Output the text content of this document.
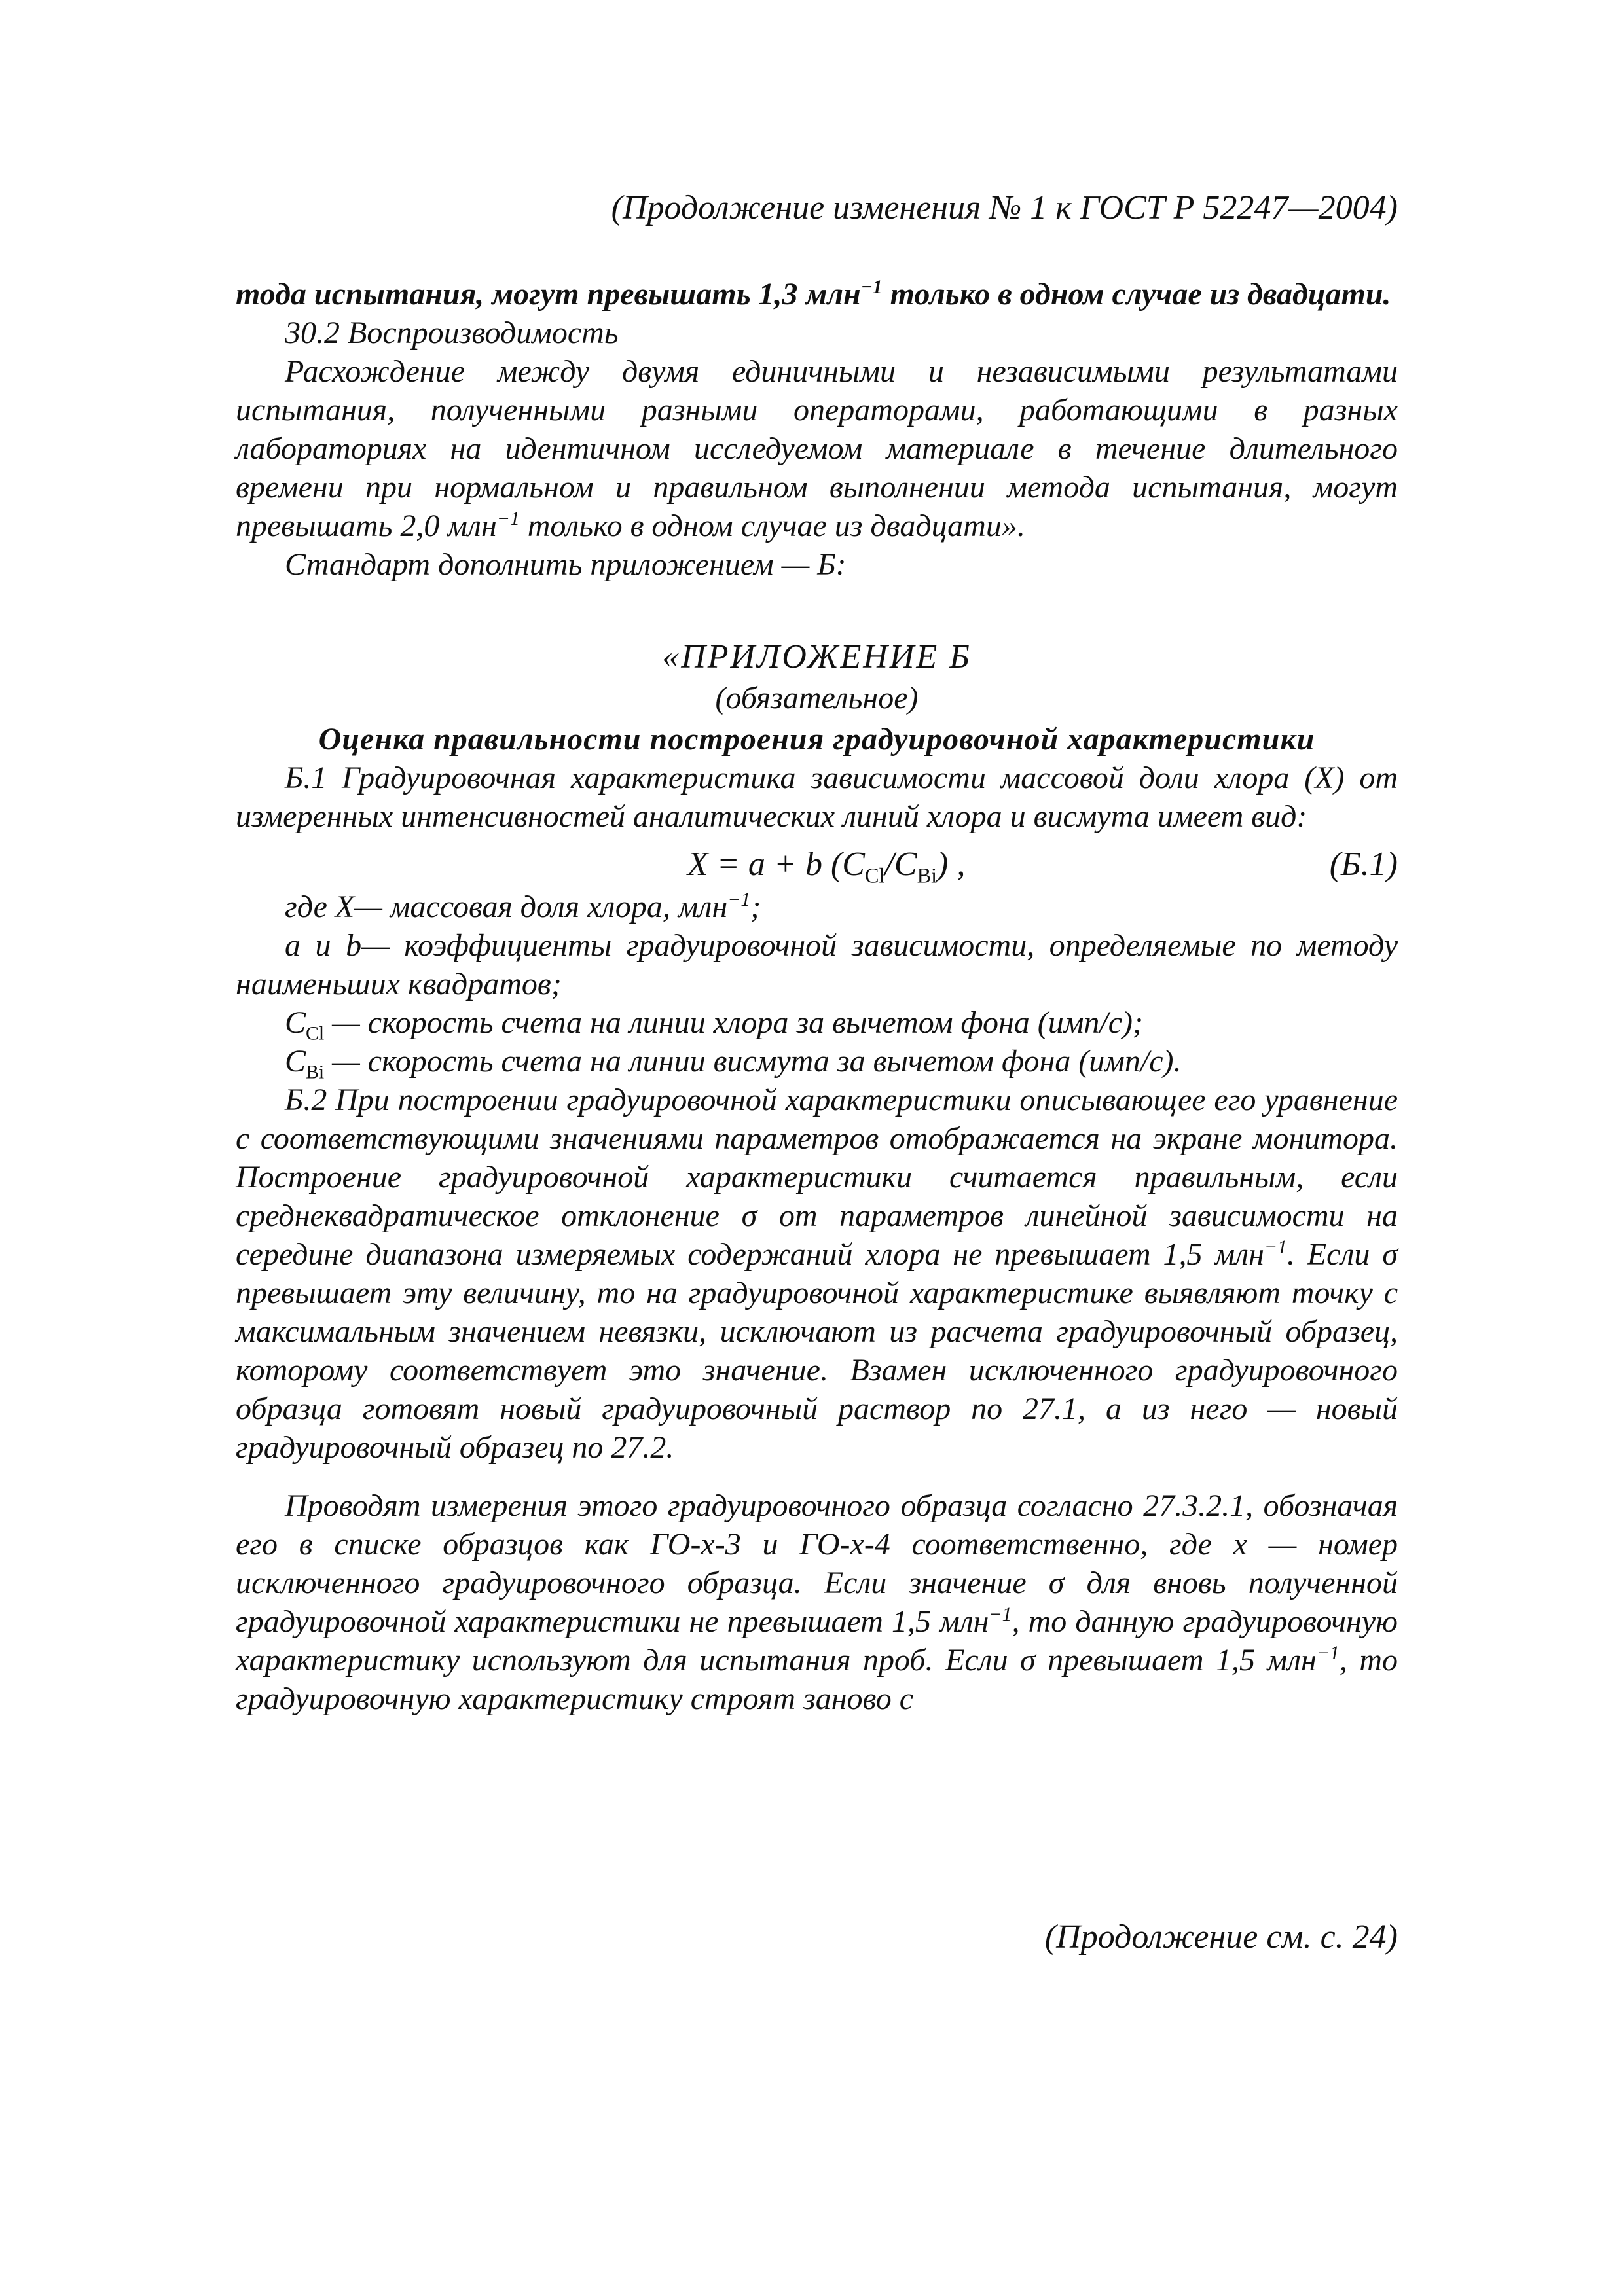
(Продолжение изменения № 1 к ГОСТ Р 52247—2004)

тода испытания, могут превышать 1,3 млн$^{-1}$ только в одном случае из двадцати.

30.2 Воспроизводимость

Расхождение между двумя единичными и независимыми результатами испытания, полученными разными операторами, работающими в разных лабораториях на идентичном исследуемом материале в течение длительного времени при нормальном и правильном выполнении метода испытания, могут превышать 2,0 млн$^{-1}$ только в одном случае из двадцати».

Стандарт дополнить приложением — Б:

«ПРИЛОЖЕНИЕ Б

(обязательное)

Оценка правильности построения градуировочной характеристики

Б.1 Градуировочная характеристика зависимости массовой доли хлора (X) от измеренных интенсивностей аналитических линий хлора и висмута имеет вид:

X = a + b $(C_{Cl}/C_{Bi})$ ,	(Б.1)

где X— массовая доля хлора, млн$^{-1}$;

a и b— коэффициенты градуировочной зависимости, определяемые по методу наименьших квадратов;

$C_{Cl}$ — скорость счета на линии хлора за вычетом фона (имп/с);

$C_{Bi}$ — скорость счета на линии висмута за вычетом фона (имп/с).

Б.2 При построении градуировочной характеристики описывающее его уравнение с соответствующими значениями параметров отображается на экране монитора. Построение градуировочной характеристики считается правильным, если среднеквадратическое отклонение σ от параметров линейной зависимости на середине диапазона измеряемых содержаний хлора не превышает 1,5 млн$^{-1}$. Если σ превышает эту величину, то на градуировочной характеристике выявляют точку с максимальным значением невязки, исключают из расчета градуировочный образец, которому соответствует это значение. Взамен исключенного градуировочного образца готовят новый градуировочный раствор по 27.1, а из него — новый градуировочный образец по 27.2.

Проводят измерения этого градуировочного образца согласно 27.3.2.1, обозначая его в списке образцов как ГО-х-3 и ГО-х-4 соответственно, где х — номер исключенного градуировочного образца. Если значение σ для вновь полученной градуировочной характеристики не превышает 1,5 млн$^{-1}$, то данную градуировочную характеристику используют для испытания проб. Если σ превышает 1,5 млн$^{-1}$, то градуировочную характеристику строят заново с

(Продолжение см. с. 24)
